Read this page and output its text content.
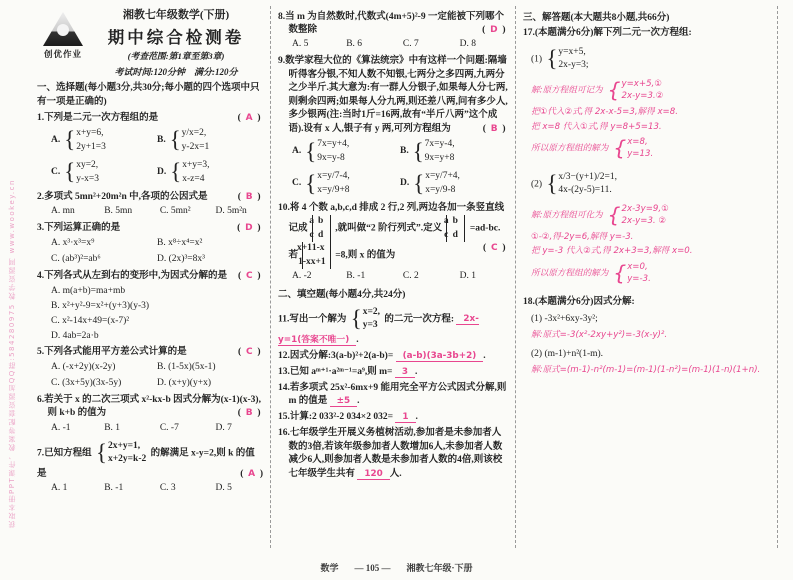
获取本册PPT课件、教案等配套资源加QQ群:584280975 教学资源网 www.wookey.cn
创优作业
湘教七年级数学(下册)
期中综合检测卷
(考查范围:第1章至第3章)
考试时间:120分钟　满分:120分
一、选择题(每小题3分,共30分;每小题的四个选项中只有一项是正确的)
1.下列是二元一次方程组的是	( A )
A.
{ x+y=6,
2y+1=3
B.
{ y/x=2,
y-2x=1
C.
{ xy=2,
y-x=3
D.
{ x+y=3,
x-z=4
2.多项式 5mn²+20m²n 中,各项的公因式是	( B )
A. mn	B. 5mn	C. 5mn²	D. 5m²n
3.下列运算正确的是	( D )
A. x³·x³=x⁹	B. x⁸÷x⁴=x²
C. (ab³)²=ab⁶	D. (2x)³=8x³
4.下列各式从左到右的变形中,为因式分解的是 ( C )
A. m(a+b)=ma+mb
B. x²+y²-9=x²+(y+3)(y-3)
C. x²-14x+49=(x-7)²
D. 4ab=2a·b
5.下列各式能用平方差公式计算的是	( C )
A. (-x+2y)(x-2y)	B. (1-5x)(5x-1)
C. (3x+5y)(3x-5y)	D. (x+y)(y+x)
6.若关于 x 的二次三项式 x²-kx-b 因式分解为(x-1)(x-3),则 k+b 的值为	( B )
A. -1	B. 1	C. -7	D. 7
7.已知方程组
{ 2x+y=1,
x+2y=k-2
的解满足 x-y=2,则 k 的值是	( A )
A. 1	B. -1	C. 3	D. 5
8.当 m 为自然数时,代数式(4m+5)²-9 一定能被下列哪个数整除	( D )
A. 5	B. 6	C. 7	D. 8
9.数学家程大位的《算法统宗》中有这样一个问题:隔墙听得客分银,不知人数不知银,七两分之多四两,九两分之少半斤.其大意为:有一群人分银子,如果每人分七两,则剩余四两;如果每人分九两,则还差八两,问有多少人,多少银两(注:当时1斤=16两,故有“半斤八两”这个成语).设有 x 人,银子有 y 两,可列方程组为	( B )
A.
{ 7x=y+4,
9x=y-8
B.
{ 7x=y-4,
9x=y+8
C.
{ x=y/7-4,
x=y/9+8
D.
{ x=y/7+4,
x=y/9-8
10.将 4 个数 a,b,c,d 排成 2 行,2 列,两边各加一条竖直线记成
a b
c d
,就叫做“2 阶行列式”.定义
a b
c d
=ad-bc.若
x+1 1-x
1-x x+1
=8,则 x 的值为
( C )
A. -2	B. -1	C. 2	D. 1
二、填空题(每小题4分,共24分)
11.写出一个解为
{ x=2,
y=3
的二元一次方程: 2x-y=1(答案不唯一) .
12.因式分解:3(a-b)²+2(a-b)= (a-b)(3a-3b+2) .
13.已知 aᵐ⁺¹·a²ᵐ⁻¹=a⁹,则 m= 3 .
14.若多项式 25x²-6mx+9 能用完全平方公式因式分解,则 m 的值是 ±5 .
15.计算:2 033²-2 034×2 032= 1 .
16.七年级学生开展义务植树活动,参加者是未参加者人数的3倍,若该年级参加者人数增加6人,未参加者人数减少6人,则参加者人数是未参加者人数的4倍,则该校七年级学生共有 120 人.
三、解答题(本大题共8小题,共66分)
17.(本题满分6分)解下列二元一次方程组:
(1)
{ y=x+5,
2x-y=3;
解:原方程组可记为
{ y=x+5,①
2x-y=3.②
把①代入②式,得 2x-x-5=3,解得 x=8.
把 x=8 代入①式,得 y=8+5=13.
所以原方程组的解为
{ x=8,
y=13.
(2)
{ x/3−(y+1)/2=1,
4x-(2y-5)=11.
解:原方程组可化为
{ 2x-3y=9,①
2x-y=3. ②
①-②,得-2y=6,解得 y=-3.
把 y=-3 代入②式,得 2x+3=3,解得 x=0.
所以原方程组的解为
{ x=0,
y=-3.
18.(本题满分6分)因式分解:
(1) -3x²+6xy-3y²;
解:原式=-3(x²-2xy+y²)=-3(x-y)².
(2) (m-1)+n²(1-m).
解:原式=(m-1)-n²(m-1)=(m-1)(1-n²)=(m-1)(1-n)(1+n).
数学 — 105 — 湘教七年级·下册
